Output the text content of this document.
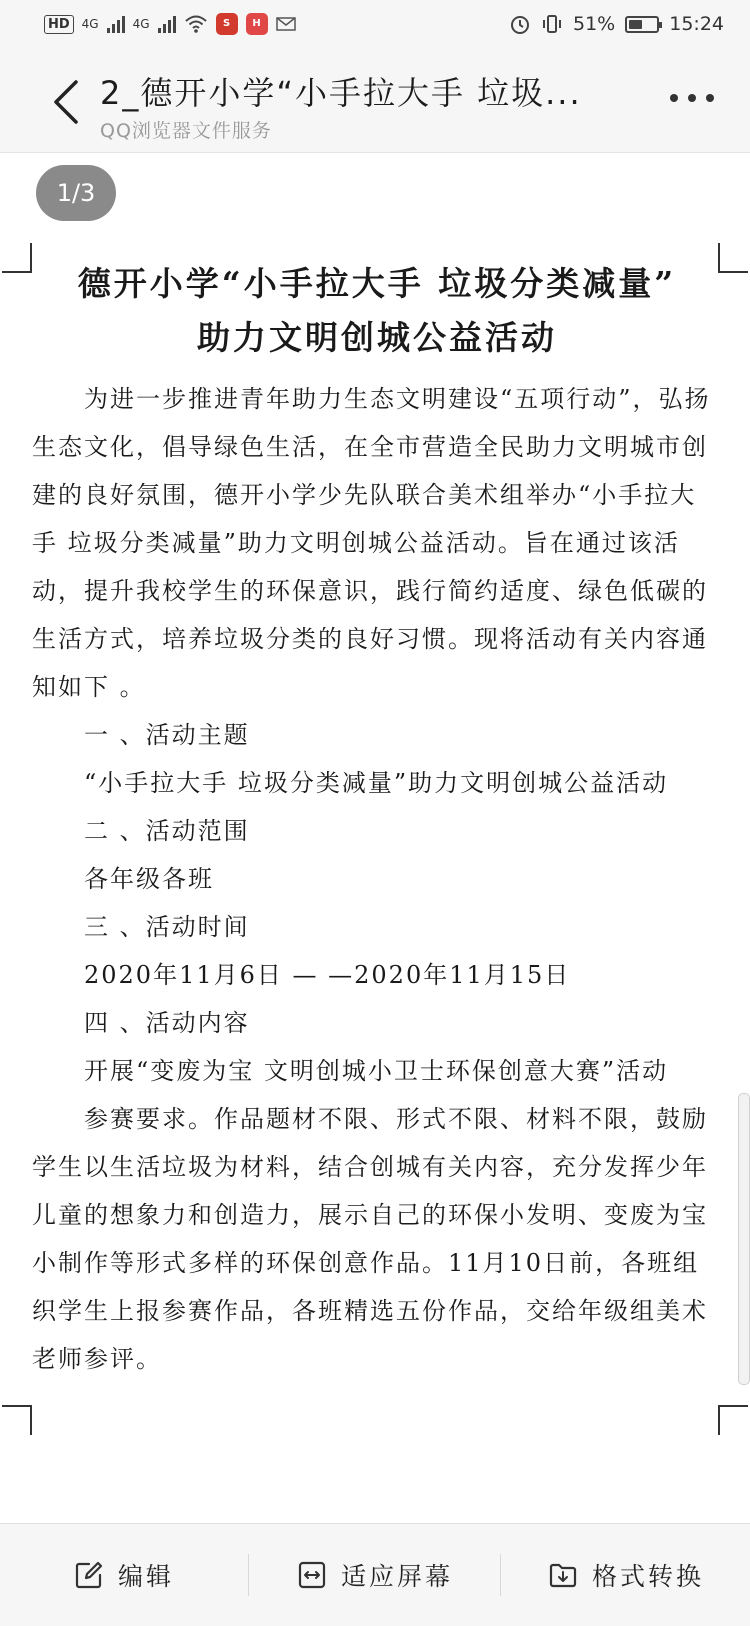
HD	4G	4G	S	H	51%	15:24
2_德开小学“小手拉大手 垃圾...
QQ浏览器文件服务
1/3
德开小学“小手拉大手 垃圾分类减量”
助力文明创城公益活动

为进一步推进青年助力生态文明建设“五项行动”，弘扬生态文化，倡导绿色生活，在全市营造全民助力文明城市创建的良好氛围，德开小学少先队联合美术组举办“小手拉大手 垃圾分类减量”助力文明创城公益活动。旨在通过该活动，提升我校学生的环保意识，践行简约适度、绿色低碳的生活方式，培养垃圾分类的良好习惯。现将活动有关内容通知如下 。

一 、活动主题
“小手拉大手 垃圾分类减量”助力文明创城公益活动
二 、活动范围
各年级各班
三 、活动时间
2020年11月6日 — —2020年11月15日
四 、活动内容
开展“变废为宝 文明创城小卫士环保创意大赛”活动

参赛要求。作品题材不限、形式不限、材料不限，鼓励学生以生活垃圾为材料，结合创城有关内容，充分发挥少年儿童的想象力和创造力，展示自己的环保小发明、变废为宝小制作等形式多样的环保创意作品。11月10日前，各班组织学生上报参赛作品，各班精选五份作品，交给年级组美术老师参评。

编辑	适应屏幕	格式转换
